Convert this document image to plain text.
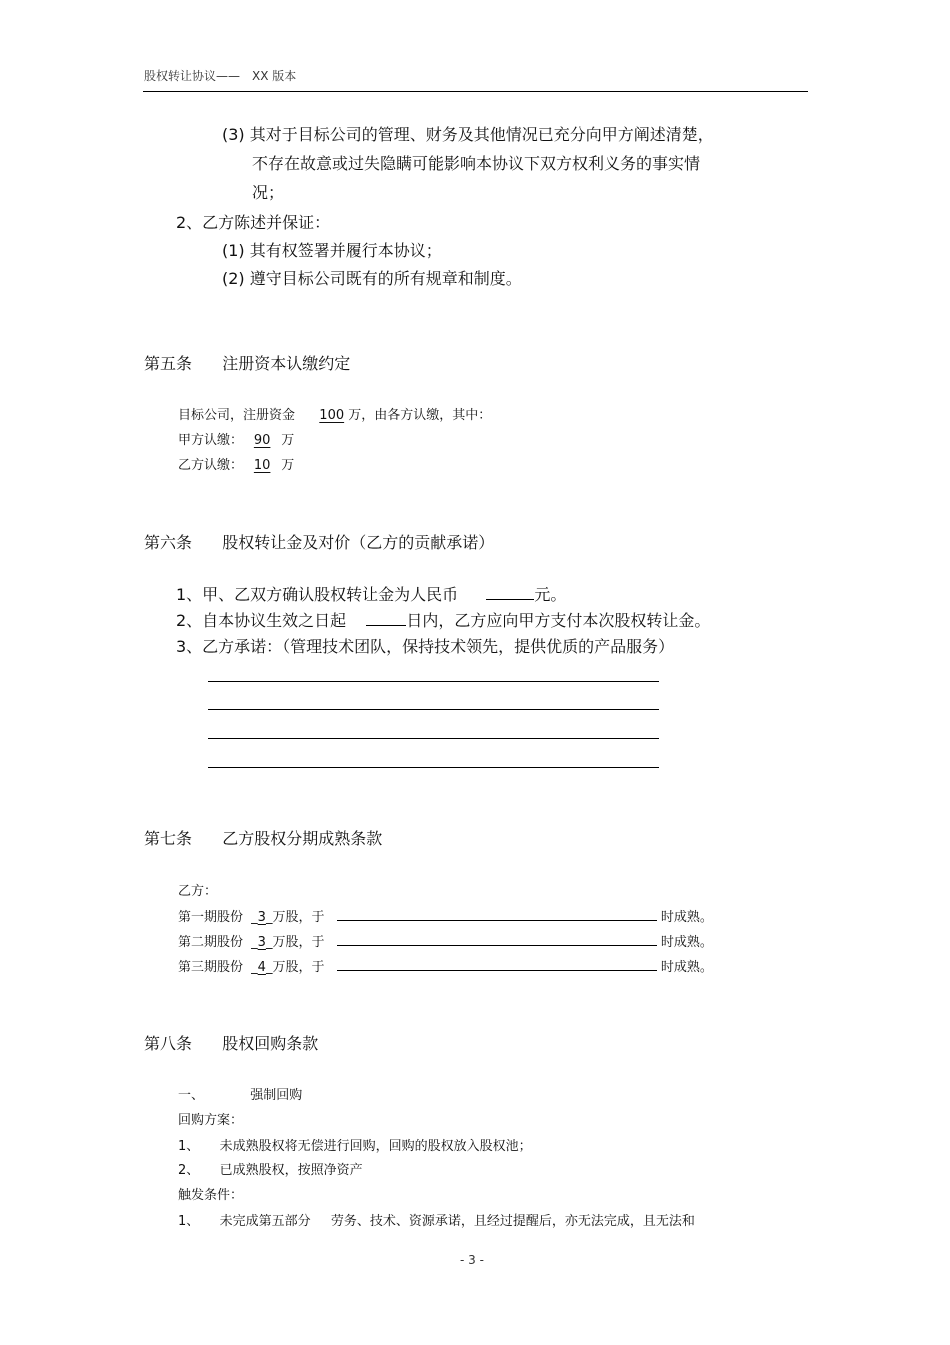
股权转让协议——　XX 版本
(3) 其对于目标公司的管理、财务及其他情况已充分向甲方阐述清楚，
不存在故意或过失隐瞒可能影响本协议下双方权利义务的事实情
况；
2、乙方陈述并保证：
(1) 其有权签署并履行本协议；
(2) 遵守目标公司既有的所有规章和制度。
第五条 注册资本认缴约定
目标公司，注册资金 100 万，由各方认缴，其中：
甲方认缴： 90 万
乙方认缴： 10 万
第六条 股权转让金及对价（乙方的贡献承诺）
1、甲、乙双方确认股权转让金为人民币	元。
2、自本协议生效之日起	日内，乙方应向甲方支付本次股权转让金。
3、乙方承诺：（管理技术团队，保持技术领先，提供优质的产品服务）
第七条 乙方股权分期成熟条款
乙方：
第一期股份 _3_万股，于	时成熟。
第二期股份 _3_万股，于	时成熟。
第三期股份 _4_万股，于	时成熟。
第八条 股权回购条款
一、	强制回购
回购方案：
1、 未成熟股权将无偿进行回购，回购的股权放入股权池；
2、 已成熟股权，按照净资产
触发条件：
1、 未完成第五部分 劳务、技术、资源承诺，且经过提醒后，亦无法完成，且无法和
- 3 -
